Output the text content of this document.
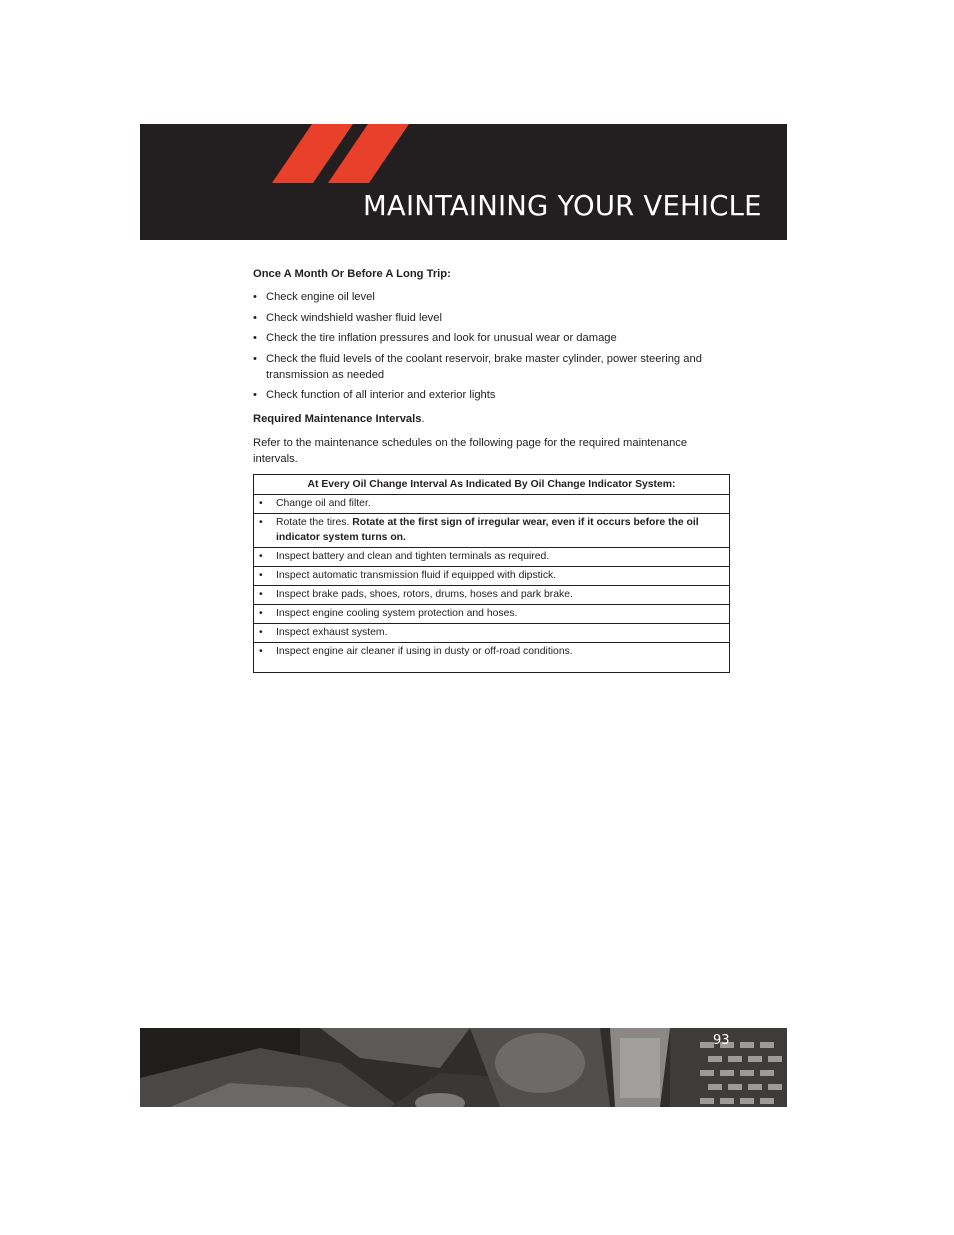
MAINTAINING YOUR VEHICLE

Once A Month Or Before A Long Trip:

• Check engine oil level
• Check windshield washer fluid level
• Check the tire inflation pressures and look for unusual wear or damage
• Check the fluid levels of the coolant reservoir, brake master cylinder, power steering and transmission as needed
• Check function of all interior and exterior lights

Required Maintenance Intervals.

Refer to the maintenance schedules on the following page for the required maintenance intervals.

At Every Oil Change Interval As Indicated By Oil Change Indicator System:

• Change oil and filter.

• Rotate the tires. Rotate at the first sign of irregular wear, even if it occurs before the oil indicator system turns on.

• Inspect battery and clean and tighten terminals as required.

• Inspect automatic transmission fluid if equipped with dipstick.

• Inspect brake pads, shoes, rotors, drums, hoses and park brake.

• Inspect engine cooling system protection and hoses.

• Inspect exhaust system.

• Inspect engine air cleaner if using in dusty or off-road conditions.
93
